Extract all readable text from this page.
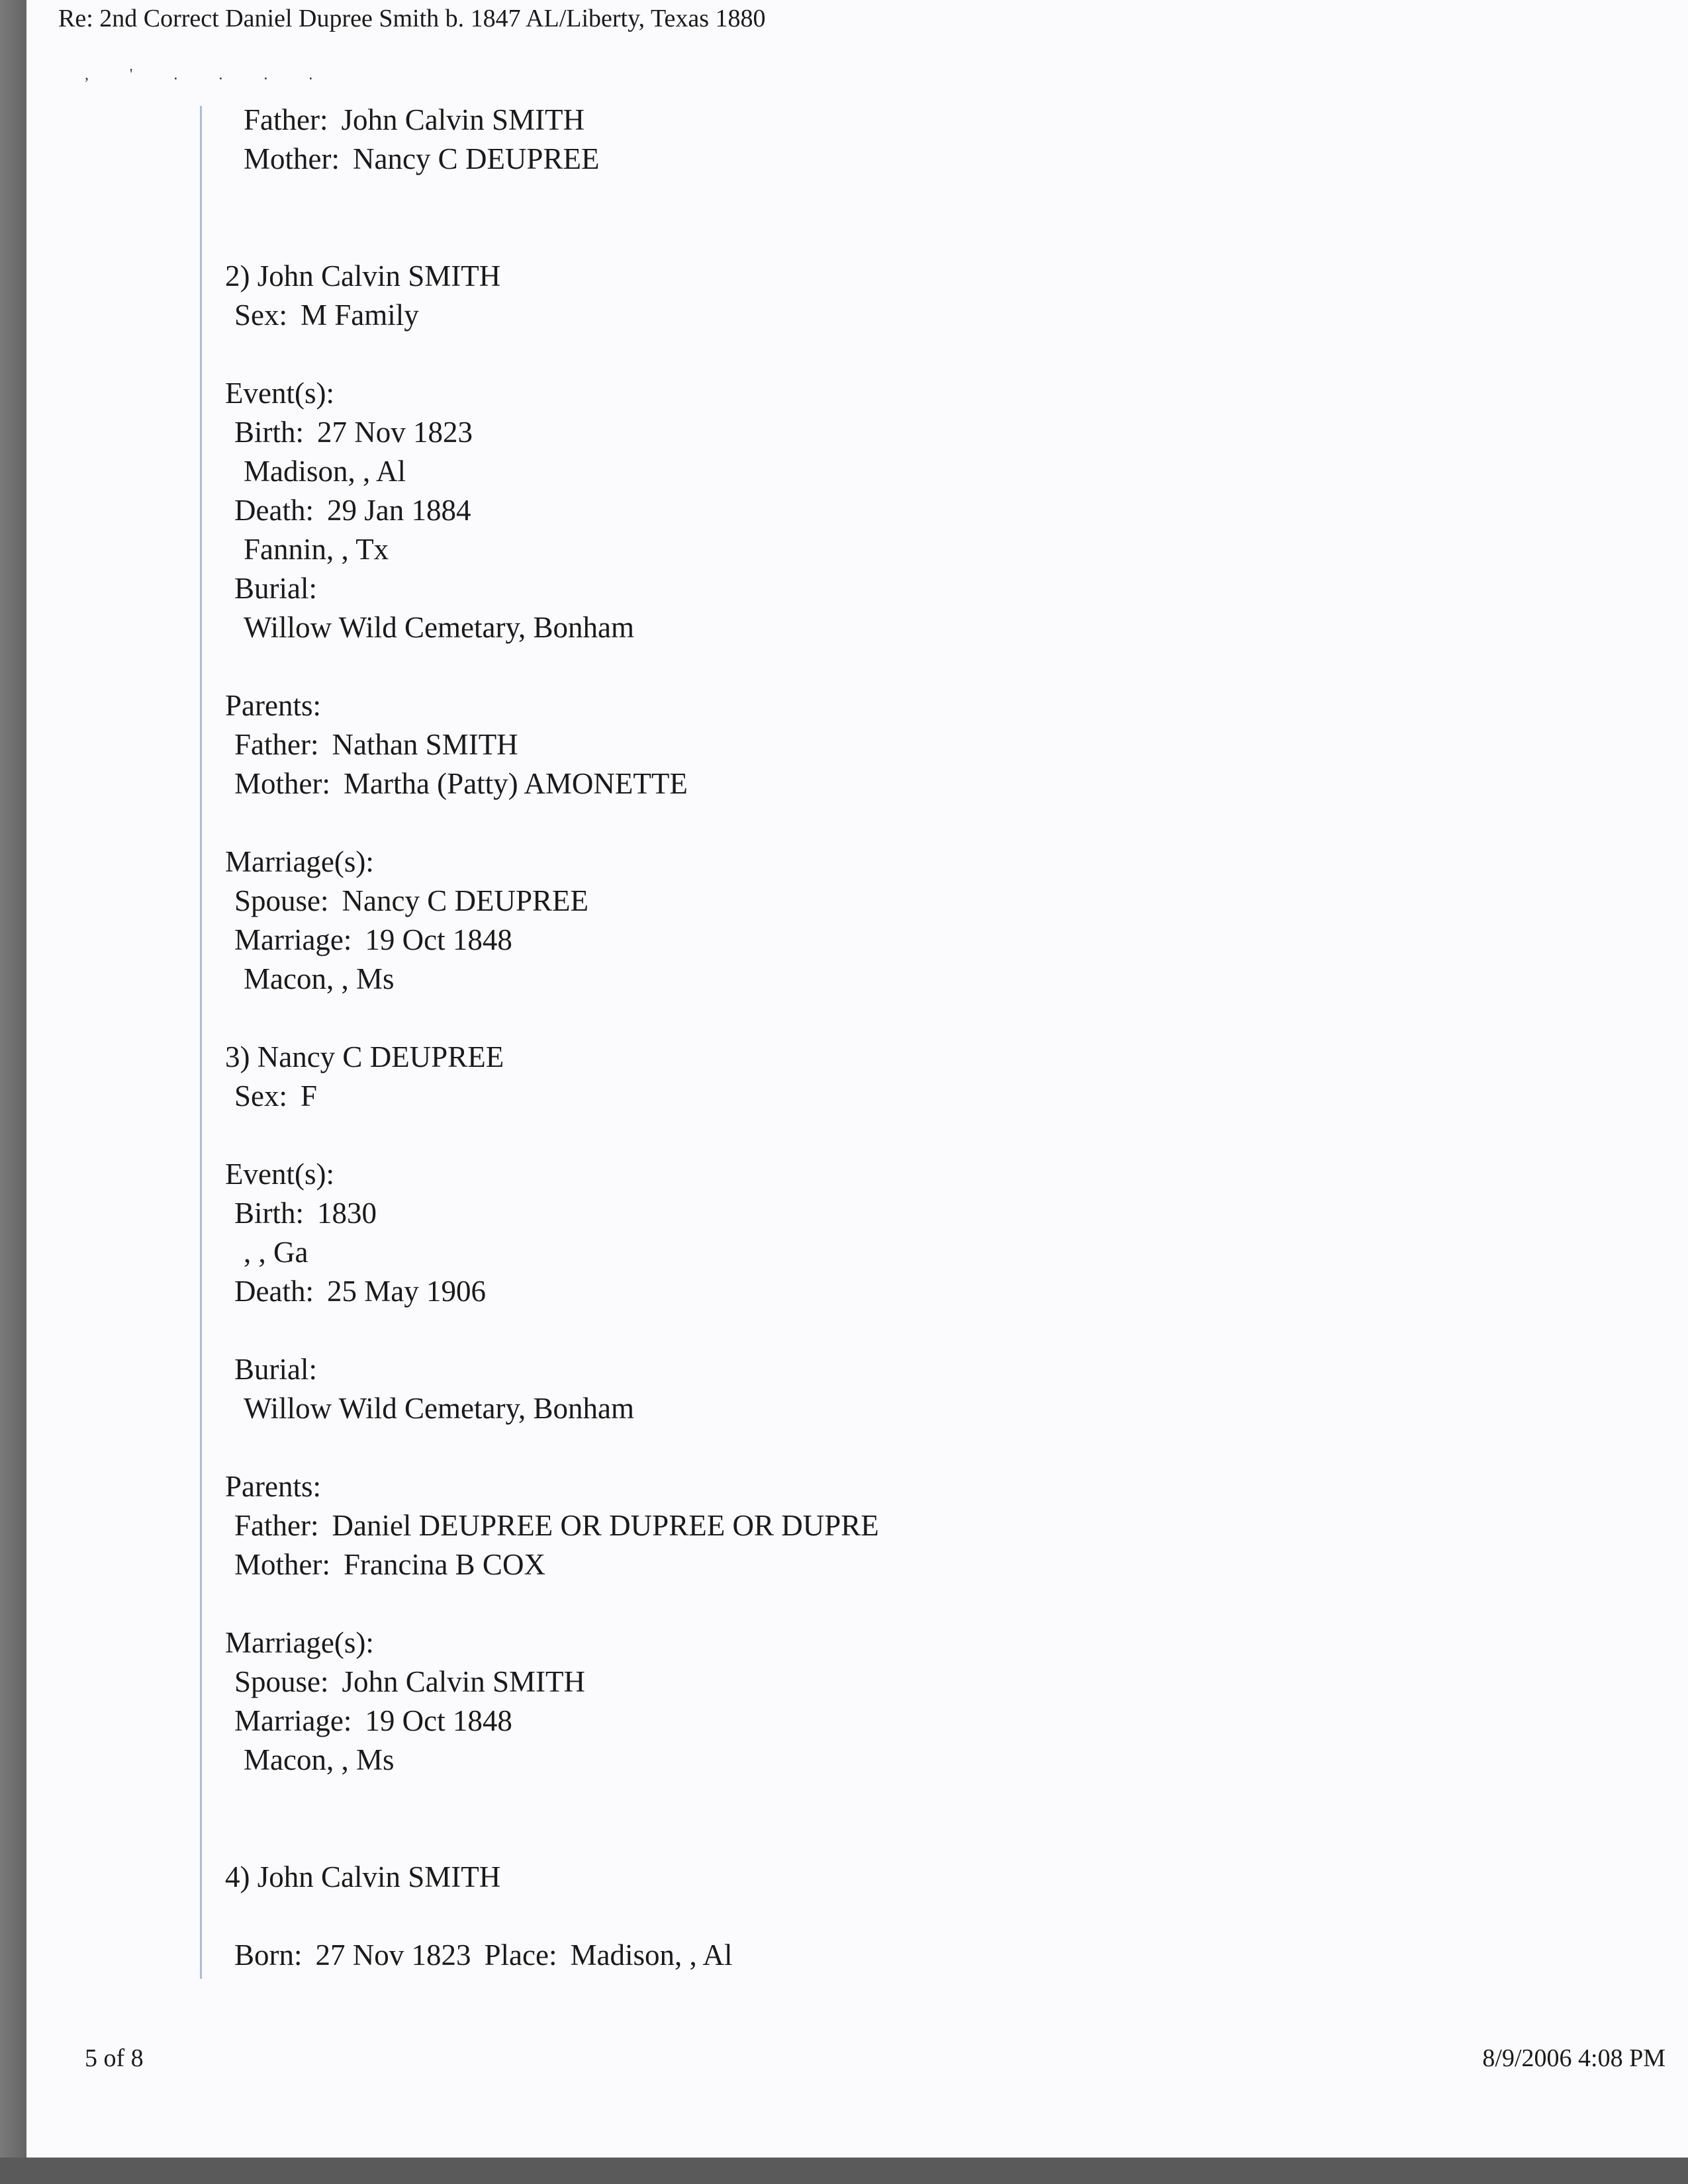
Re: 2nd Correct Daniel Dupree Smith b. 1847 AL/Liberty, Texas 1880
, ' . . . .
Father: John Calvin SMITH
Mother: Nancy C DEUPREE
2) John Calvin SMITH
Sex: M Family
Event(s):
Birth: 27 Nov 1823
Madison, , Al
Death: 29 Jan 1884
Fannin, , Tx
Burial:
Willow Wild Cemetary, Bonham
Parents:
Father: Nathan SMITH
Mother: Martha (Patty) AMONETTE
Marriage(s):
Spouse: Nancy C DEUPREE
Marriage: 19 Oct 1848
Macon, , Ms
3) Nancy C DEUPREE
Sex: F
Event(s):
Birth: 1830
, , Ga
Death: 25 May 1906
Burial:
Willow Wild Cemetary, Bonham
Parents:
Father: Daniel DEUPREE OR DUPREE OR DUPRE
Mother: Francina B COX
Marriage(s):
Spouse: John Calvin SMITH
Marriage: 19 Oct 1848
Macon, , Ms
4) John Calvin SMITH
Born: 27 Nov 1823 Place: Madison, , Al
5 of 8	8/9/2006 4:08 PM
